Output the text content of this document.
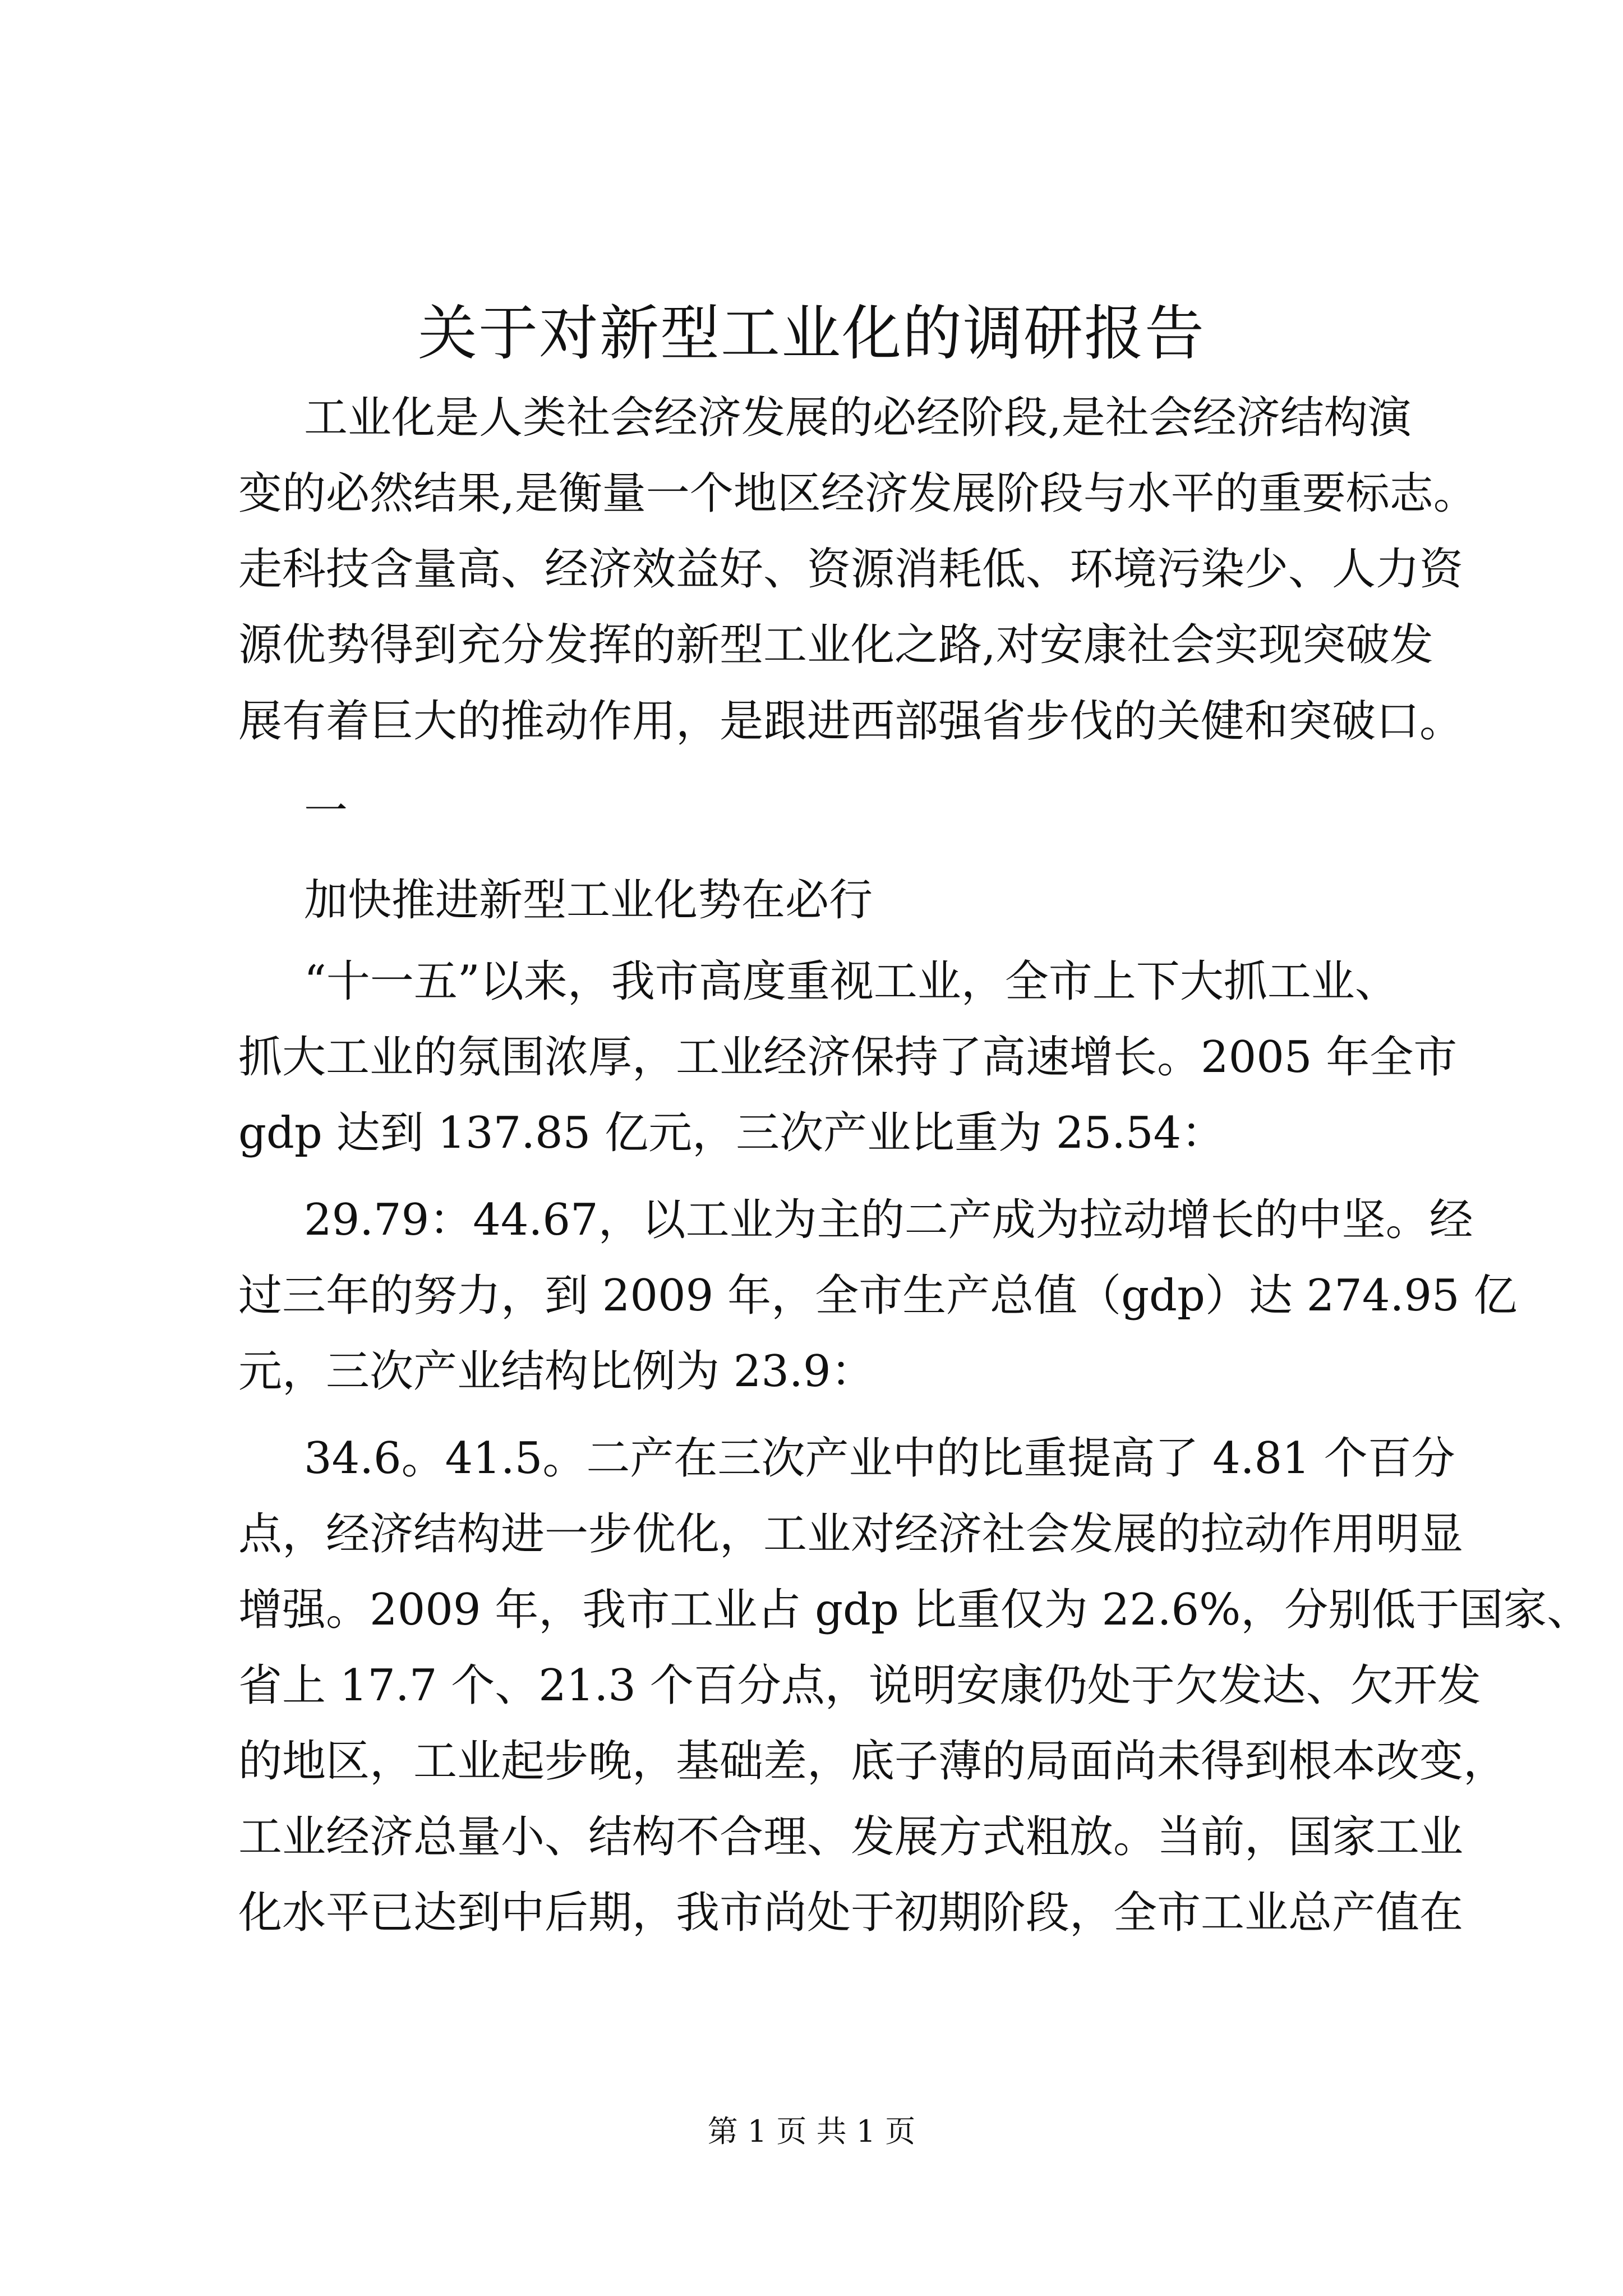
关于对新型工业化的调研报告
工业化是人类社会经济发展的必经阶段,是社会经济结构演
变的必然结果,是衡量一个地区经济发展阶段与水平的重要标志。
走科技含量高、经济效益好、资源消耗低、环境污染少、人力资
源优势得到充分发挥的新型工业化之路,对安康社会实现突破发
展有着巨大的推动作用，是跟进西部强省步伐的关健和突破口。
一
加快推进新型工业化势在必行
“十一五”以来，我市高度重视工业，全市上下大抓工业、
抓大工业的氛围浓厚，工业经济保持了高速增长。2005 年全市
gdp 达到 137.85 亿元，三次产业比重为 25.54：
29.79：44.67，以工业为主的二产成为拉动增长的中坚。经
过三年的努力，到 2009 年，全市生产总值（gdp）达 274.95 亿
元，三次产业结构比例为 23.9：
34.6。41.5。二产在三次产业中的比重提高了 4.81 个百分
点，经济结构进一步优化，工业对经济社会发展的拉动作用明显
增强。2009 年，我市工业占 gdp 比重仅为 22.6%，分别低于国家、
省上 17.7 个、21.3 个百分点，说明安康仍处于欠发达、欠开发
的地区，工业起步晚，基础差，底子薄的局面尚未得到根本改变，
工业经济总量小、结构不合理、发展方式粗放。当前，国家工业
化水平已达到中后期，我市尚处于初期阶段，全市工业总产值在
第 1 页 共 1 页
